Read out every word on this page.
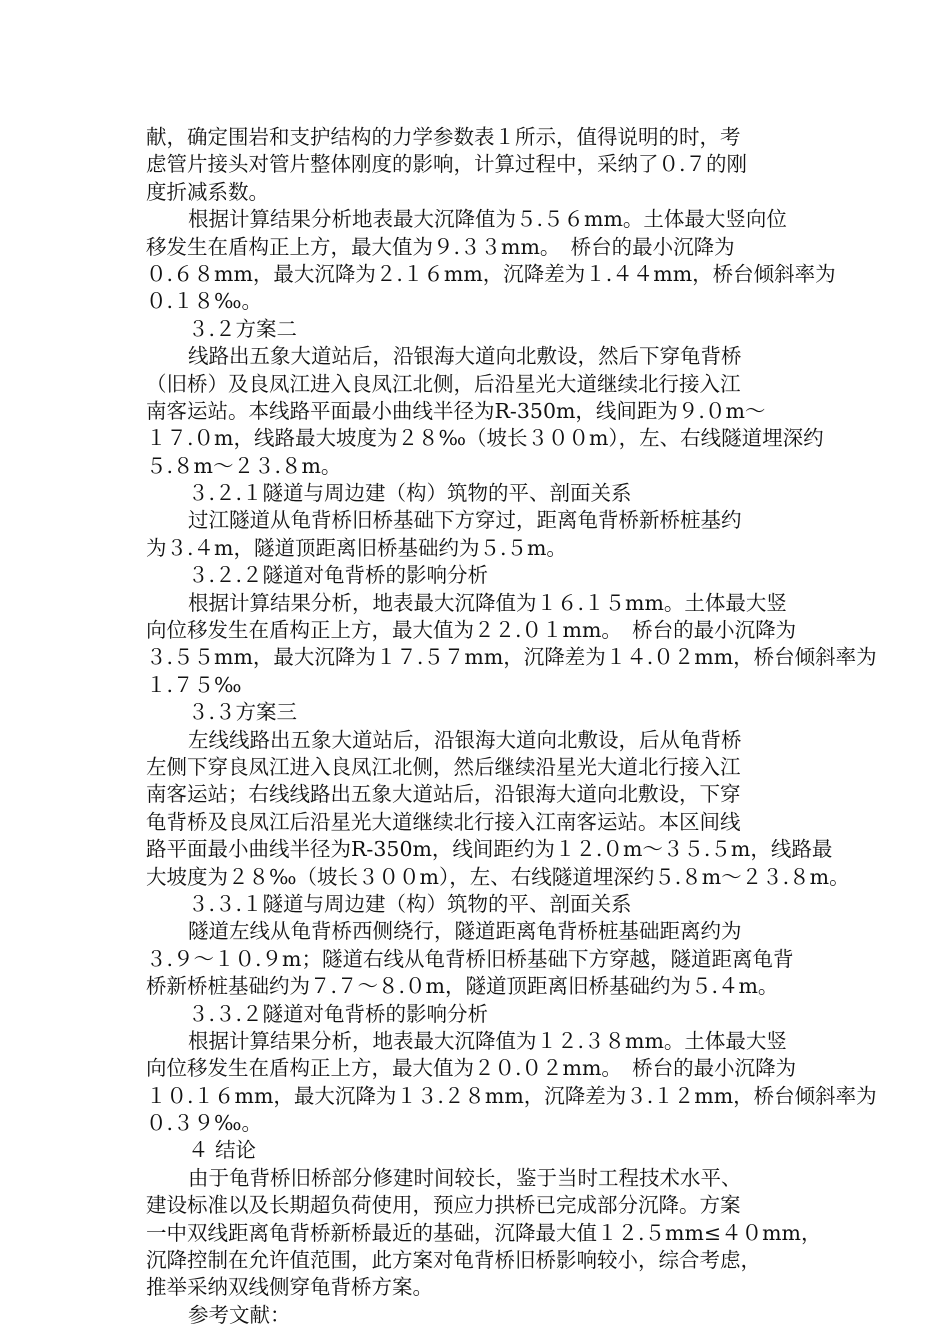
献，确定围岩和支护结构的力学参数表１所示，值得说明的时，考
虑管片接头对管片整体刚度的影响，计算过程中，采纳了０.７的刚
度折减系数。
根据计算结果分析地表最大沉降值为５.５６mm。土体最大竖向位
移发生在盾构正上方，最大值为９.３３mm。　桥台的最小沉降为
０.６８mm，最大沉降为２.１６mm，沉降差为１.４４mm，桥台倾斜率为
０.１８‰。
３.２方案二
线路出五象大道站后，沿银海大道向北敷设，然后下穿龟背桥
（旧桥）及良凤江进入良凤江北侧，后沿星光大道继续北行接入江
南客运站。本线路平面最小曲线半径为R-350m，线间距为９.０m～
１７.０m，线路最大坡度为２８‰（坡长３００m），左、右线隧道埋深约
５.８m～２３.８m。
３.２.１隧道与周边建（构）筑物的平、剖面关系
过江隧道从龟背桥旧桥基础下方穿过，距离龟背桥新桥桩基约
为３.４m，隧道顶距离旧桥基础约为５.５m。
３.２.２隧道对龟背桥的影响分析
根据计算结果分析，地表最大沉降值为１６.１５mm。土体最大竖
向位移发生在盾构正上方，最大值为２２.０１mm。　桥台的最小沉降为
３.５５mm，最大沉降为１７.５７mm，沉降差为１４.０２mm，桥台倾斜率为
１.７５‰
３.３方案三
左线线路出五象大道站后，沿银海大道向北敷设，后从龟背桥
左侧下穿良凤江进入良凤江北侧，然后继续沿星光大道北行接入江
南客运站；右线线路出五象大道站后，沿银海大道向北敷设，下穿
龟背桥及良凤江后沿星光大道继续北行接入江南客运站。本区间线
路平面最小曲线半径为R-350m，线间距约为１２.０m～３５.５m，线路最
大坡度为２８‰（坡长３００m），左、右线隧道埋深约５.８m～２３.８m。
３.３.１隧道与周边建（构）筑物的平、剖面关系
隧道左线从龟背桥西侧绕行，隧道距离龟背桥桩基础距离约为
３.９～１０.９m；隧道右线从龟背桥旧桥基础下方穿越，隧道距离龟背
桥新桥桩基础约为７.７～８.０m，隧道顶距离旧桥基础约为５.４m。
３.３.２隧道对龟背桥的影响分析
根据计算结果分析，地表最大沉降值为１２.３８mm。土体最大竖
向位移发生在盾构正上方，最大值为２０.０２mm。　桥台的最小沉降为
１０.１６mm，最大沉降为１３.２８mm，沉降差为３.１２mm，桥台倾斜率为
０.３９‰。
４ 结论
由于龟背桥旧桥部分修建时间较长，鉴于当时工程技术水平、
建设标准以及长期超负荷使用，预应力拱桥已完成部分沉降。方案
一中双线距离龟背桥新桥最近的基础，沉降最大值１２.５mm≤４０mm，
沉降控制在允许值范围，此方案对龟背桥旧桥影响较小，综合考虑，
推举采纳双线侧穿龟背桥方案。
参考文献：
